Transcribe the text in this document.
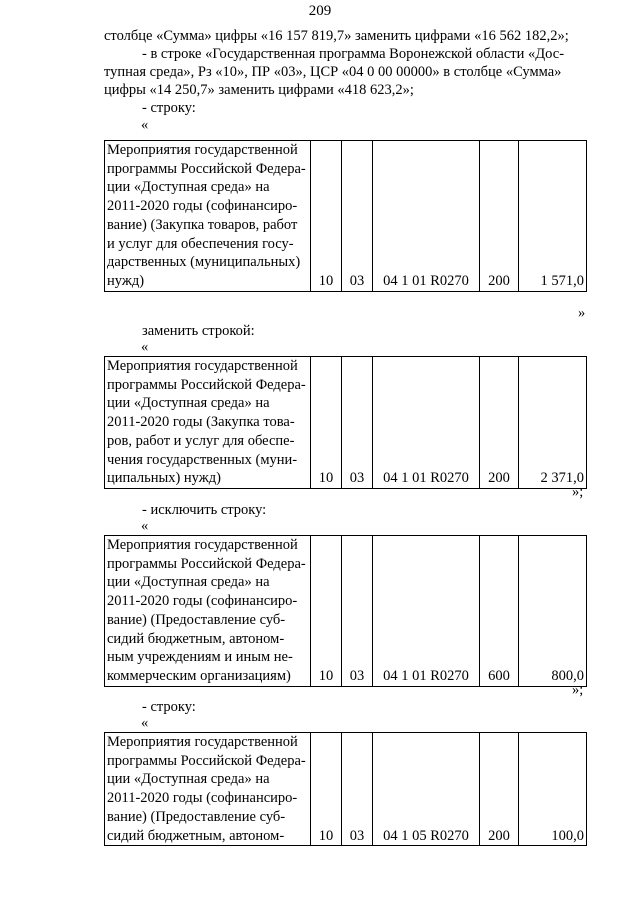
209
столбце «Сумма» цифры «16 157 819,7» заменить цифрами «16 562 182,2»;
- в строке «Государственная программа Воронежской области «Дос-
тупная среда», Рз «10», ПР «03», ЦСР «04 0 00 00000» в столбце «Сумма»
цифры «14 250,7» заменить цифрами «418 623,2»;
- строку:
«
Мероприятия государственной
программы Российской Федера-
ции «Доступная среда» на
2011-2020 годы (софинансиро-
вание) (Закупка товаров, работ
и услуг для обеспечения госу-
дарственных (муниципальных)
нужд)	10	03	04 1 01 R0270	200	1 571,0
»
заменить строкой:
«
Мероприятия государственной
программы Российской Федера-
ции «Доступная среда» на
2011-2020 годы (Закупка това-
ров, работ и услуг для обеспе-
чения государственных (муни-
ципальных) нужд)	10	03	04 1 01 R0270	200	2 371,0
»;
- исключить строку:
«
Мероприятия государственной
программы Российской Федера-
ции «Доступная среда» на
2011-2020 годы (софинансиро-
вание) (Предоставление суб-
сидий бюджетным, автоном-
ным учреждениям и иным не-
коммерческим организациям)	10	03	04 1 01 R0270	600	800,0
»;
- строку:
«
Мероприятия государственной
программы Российской Федера-
ции «Доступная среда» на
2011-2020 годы (софинансиро-
вание) (Предоставление суб-
сидий бюджетным, автоном-	10	03	04 1 05 R0270	200	100,0
